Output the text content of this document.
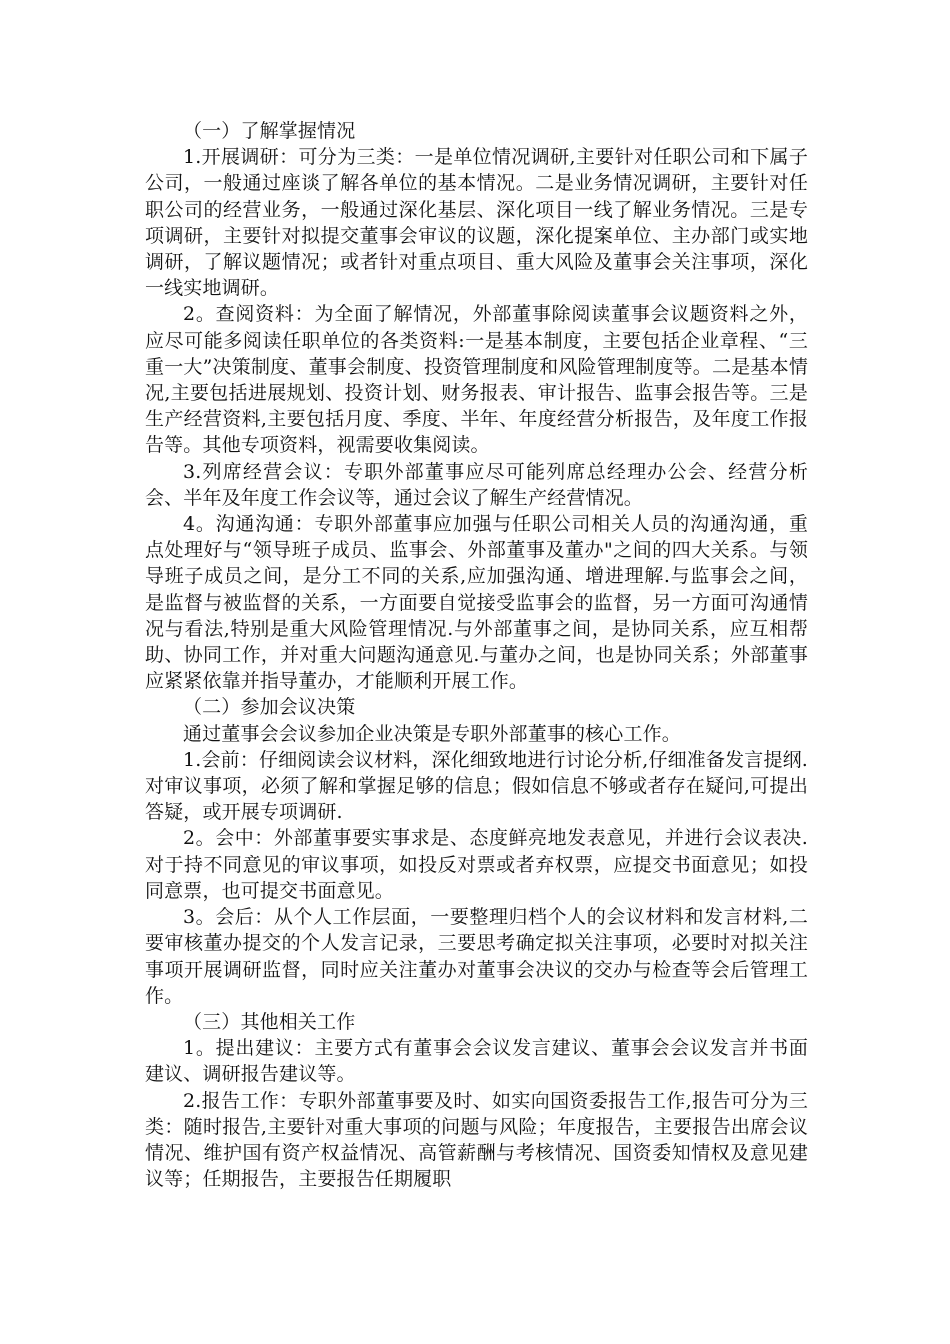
（一）了解掌握情况

1.开展调研：可分为三类：一是单位情况调研,主要针对任职公司和下属子公司，一般通过座谈了解各单位的基本情况。二是业务情况调研，主要针对任职公司的经营业务，一般通过深化基层、深化项目一线了解业务情况。三是专项调研，主要针对拟提交董事会审议的议题，深化提案单位、主办部门或实地调研，了解议题情况；或者针对重点项目、重大风险及董事会关注事项，深化一线实地调研。

2。查阅资料：为全面了解情况，外部董事除阅读董事会议题资料之外，应尽可能多阅读任职单位的各类资料:一是基本制度，主要包括企业章程、“三重一大”决策制度、董事会制度、投资管理制度和风险管理制度等。二是基本情况,主要包括进展规划、投资计划、财务报表、审计报告、监事会报告等。三是生产经营资料,主要包括月度、季度、半年、年度经营分析报告，及年度工作报告等。其他专项资料，视需要收集阅读。

3.列席经营会议：专职外部董事应尽可能列席总经理办公会、经营分析会、半年及年度工作会议等，通过会议了解生产经营情况。

4。沟通沟通：专职外部董事应加强与任职公司相关人员的沟通沟通，重点处理好与“领导班子成员、监事会、外部董事及董办"之间的四大关系。与领导班子成员之间，是分工不同的关系,应加强沟通、增进理解.与监事会之间，是监督与被监督的关系，一方面要自觉接受监事会的监督，另一方面可沟通情况与看法,特别是重大风险管理情况.与外部董事之间，是协同关系，应互相帮助、协同工作，并对重大问题沟通意见.与董办之间，也是协同关系；外部董事应紧紧依靠并指导董办，才能顺利开展工作。

（二）参加会议决策

通过董事会会议参加企业决策是专职外部董事的核心工作。

1.会前：仔细阅读会议材料，深化细致地进行讨论分析,仔细准备发言提纲.对审议事项，必须了解和掌握足够的信息；假如信息不够或者存在疑问,可提出答疑，或开展专项调研.

2。会中：外部董事要实事求是、态度鲜亮地发表意见，并进行会议表决.对于持不同意见的审议事项，如投反对票或者弃权票，应提交书面意见；如投同意票，也可提交书面意见。

3。会后：从个人工作层面，一要整理归档个人的会议材料和发言材料,二要审核董办提交的个人发言记录，三要思考确定拟关注事项，必要时对拟关注事项开展调研监督，同时应关注董办对董事会决议的交办与检查等会后管理工作。

（三）其他相关工作

1。提出建议：主要方式有董事会会议发言建议、董事会会议发言并书面建议、调研报告建议等。

2.报告工作：专职外部董事要及时、如实向国资委报告工作,报告可分为三类：随时报告,主要针对重大事项的问题与风险；年度报告，主要报告出席会议情况、维护国有资产权益情况、高管薪酬与考核情况、国资委知情权及意见建议等；任期报告，主要报告任期履职
